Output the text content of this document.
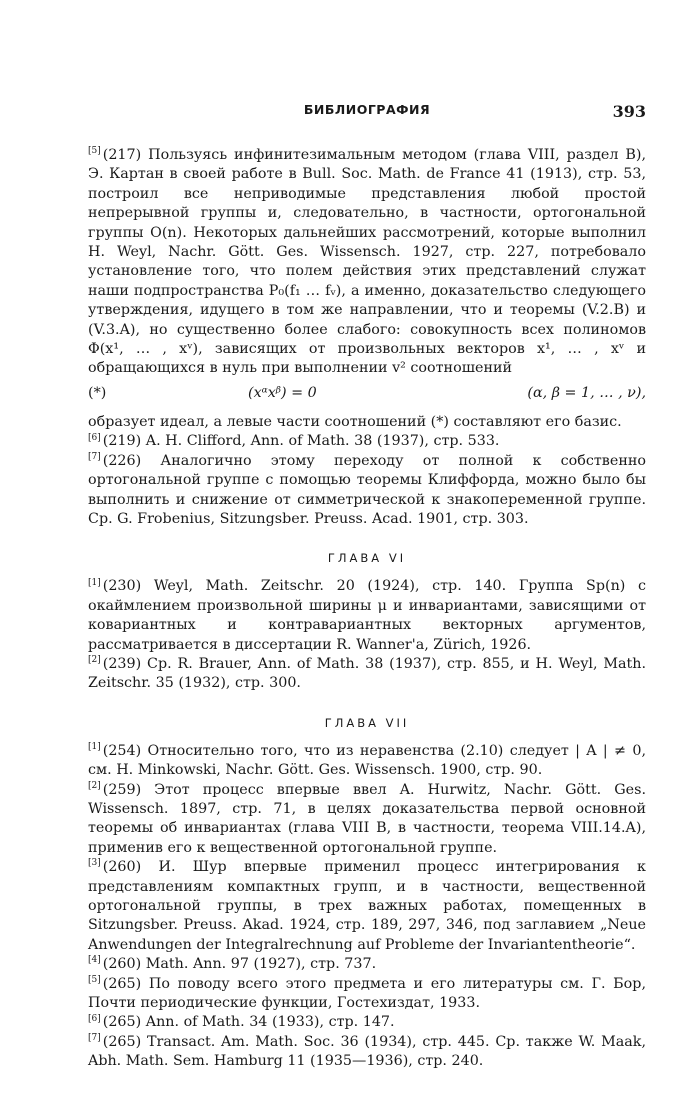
БИБЛИОГРАФИЯ	393

[5] (217) Пользуясь инфинитезимальным методом (глава VIII, раздел В), Э. Картан в своей работе в Bull. Soc. Math. de France 41 (1913), стр. 53, построил все неприводимые представления любой простой непрерывной группы и, следовательно, в частности, ортогональной группы O(n). Некоторых дальнейших рассмотрений, которые выполнил H. Weyl, Nachr. Gött. Ges. Wissensch. 1927, стр. 227, потребовало установление того, что полем действия этих представлений служат наши подпространства P₀(f₁ … fᵥ), а именно, доказательство следующего утверждения, идущего в том же направлении, что и теоремы (V.2.B) и (V.3.A), но существенно более слабого: совокупность всех полиномов Φ(x¹, … , xᵛ), зависящих от произвольных векторов x¹, … , xᵛ и обращающихся в нуль при выполнении v² соотношений

(*)	(xᵅxᵝ) = 0	(α, β = 1, … , ν),

образует идеал, а левые части соотношений (*) составляют его базис.

[6] (219) A. H. Clifford, Ann. of Math. 38 (1937), стр. 533.

[7] (226) Аналогично этому переходу от полной к собственно ортогональной группе с помощью теоремы Клиффорда, можно было бы выполнить и снижение от симметрической к знакопеременной группе. Ср. G. Frobenius, Sitzungsber. Preuss. Acad. 1901, стр. 303.

ГЛАВА VI

[1] (230) Weyl, Math. Zeitschr. 20 (1924), стр. 140. Группа Sp(n) с окаймлением произвольной ширины μ и инвариантами, зависящими от ковариантных и контравариантных векторных аргументов, рассматривается в диссертации R. Wanner'a, Zürich, 1926.

[2] (239) Cp. R. Brauer, Ann. of Math. 38 (1937), стр. 855, и H. Weyl, Math. Zeitschr. 35 (1932), стр. 300.

ГЛАВА VII

[1] (254) Относительно того, что из неравенства (2.10) следует | A | ≠ 0, см. H. Minkowski, Nachr. Gött. Ges. Wissensch. 1900, стр. 90.

[2] (259) Этот процесс впервые ввел A. Hurwitz, Nachr. Gött. Ges. Wissensch. 1897, стр. 71, в целях доказательства первой основной теоремы об инвариантах (глава VIII B, в частности, теорема VIII.14.A), применив его к вещественной ортогональной группе.

[3] (260) И. Шур впервые применил процесс интегрирования к представлениям компактных групп, и в частности, вещественной ортогональной группы, в трех важных работах, помещенных в Sitzungsber. Preuss. Akad. 1924, стр. 189, 297, 346, под заглавием „Neue Anwendungen der Integralrechnung auf Probleme der Invariantentheorie“.

[4] (260) Math. Ann. 97 (1927), стр. 737.

[5] (265) По поводу всего этого предмета и его литературы см. Г. Бор, Почти периодические функции, Гостехиздат, 1933.

[6] (265) Ann. of Math. 34 (1933), стр. 147.

[7] (265) Transact. Am. Math. Soc. 36 (1934), стр. 445. Ср. также W. Maak, Abh. Math. Sem. Hamburg 11 (1935—1936), стр. 240.
